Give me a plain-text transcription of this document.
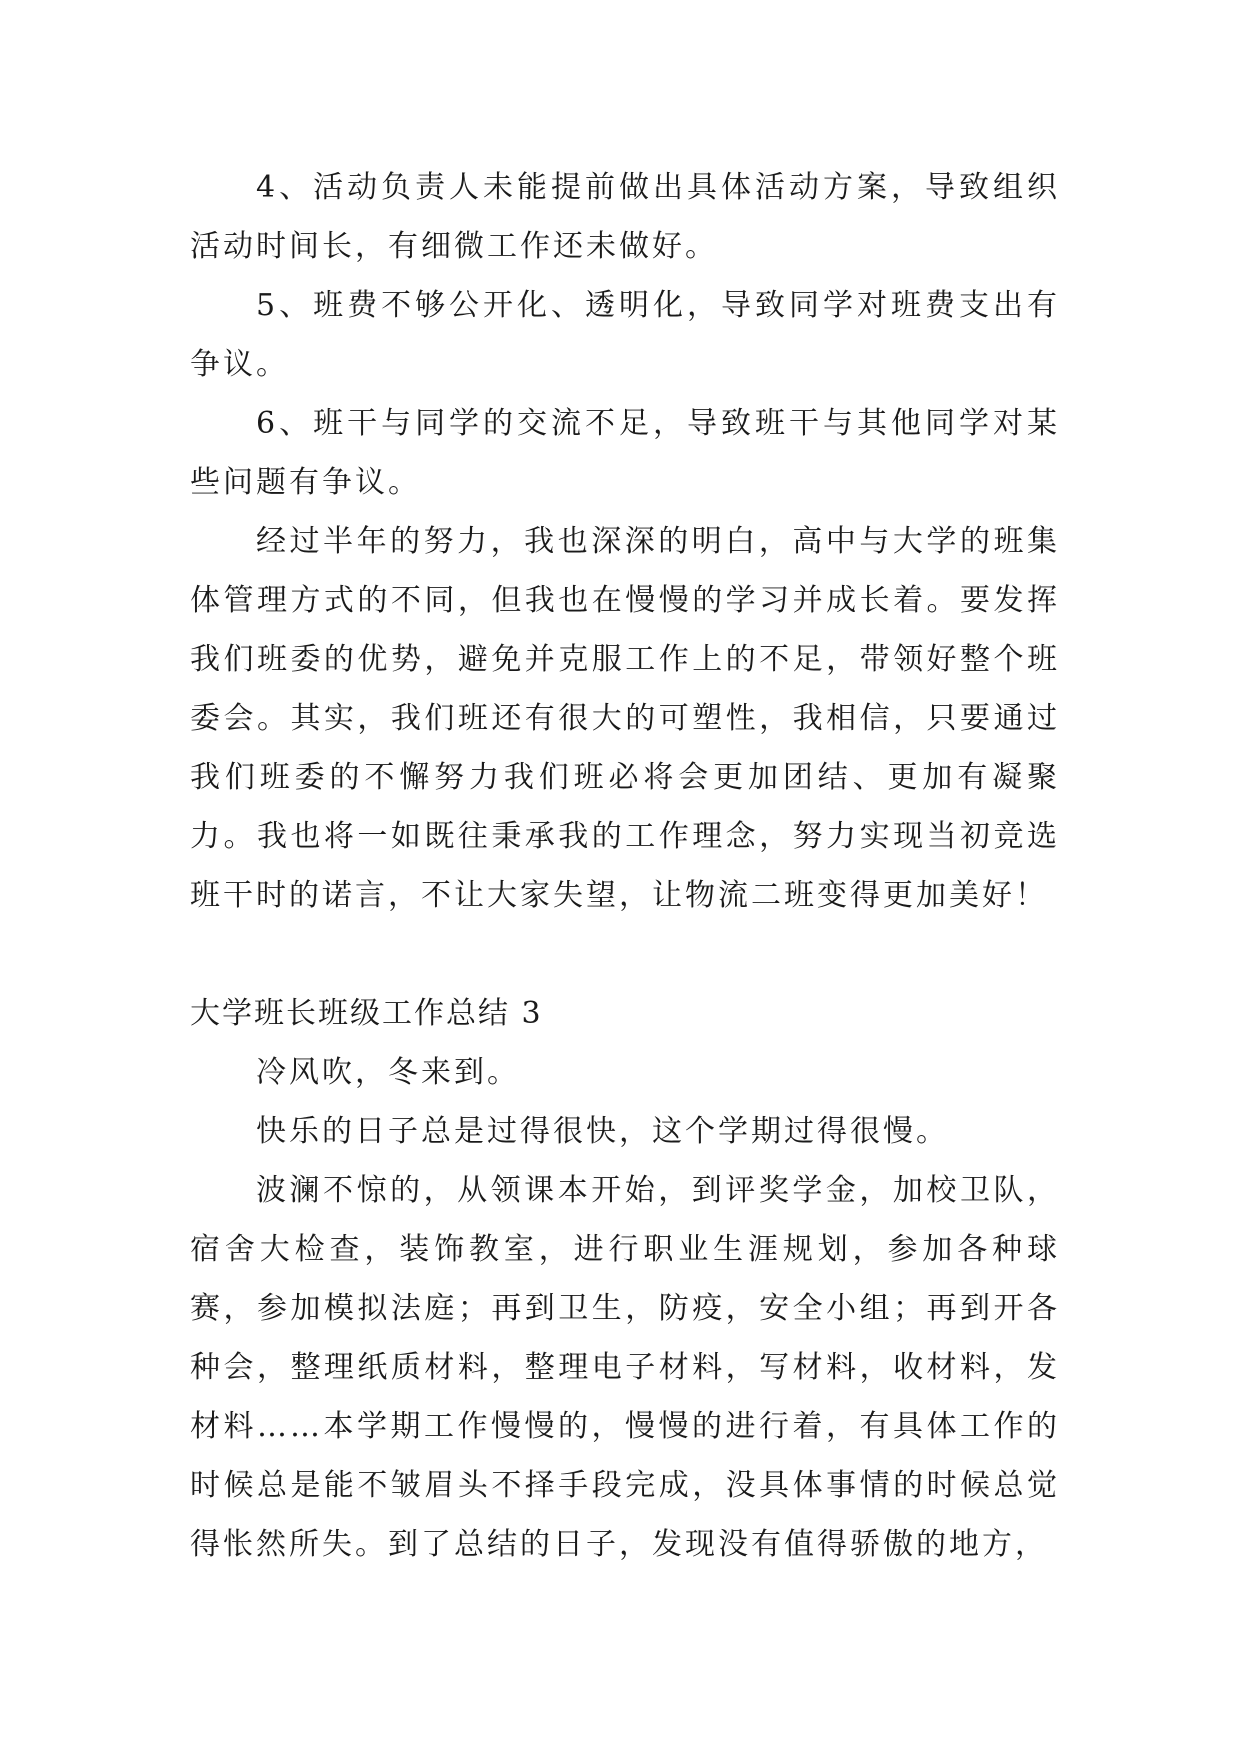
4、活动负责人未能提前做出具体活动方案，导致组织活动时间长，有细微工作还未做好。

5、班费不够公开化、透明化，导致同学对班费支出有争议。

6、班干与同学的交流不足，导致班干与其他同学对某些问题有争议。

经过半年的努力，我也深深的明白，高中与大学的班集体管理方式的不同，但我也在慢慢的学习并成长着。要发挥我们班委的优势，避免并克服工作上的不足，带领好整个班委会。其实，我们班还有很大的可塑性，我相信，只要通过我们班委的不懈努力我们班必将会更加团结、更加有凝聚力。我也将一如既往秉承我的工作理念，努力实现当初竞选班干时的诺言，不让大家失望，让物流二班变得更加美好！

大学班长班级工作总结 3

冷风吹，冬来到。

快乐的日子总是过得很快，这个学期过得很慢。

波澜不惊的，从领课本开始，到评奖学金，加校卫队，宿舍大检查，装饰教室，进行职业生涯规划，参加各种球赛，参加模拟法庭；再到卫生，防疫，安全小组；再到开各种会，整理纸质材料，整理电子材料，写材料，收材料，发材料……本学期工作慢慢的，慢慢的进行着，有具体工作的时候总是能不皱眉头不择手段完成，没具体事情的时候总觉得怅然所失。到了总结的日子，发现没有值得骄傲的地方，
